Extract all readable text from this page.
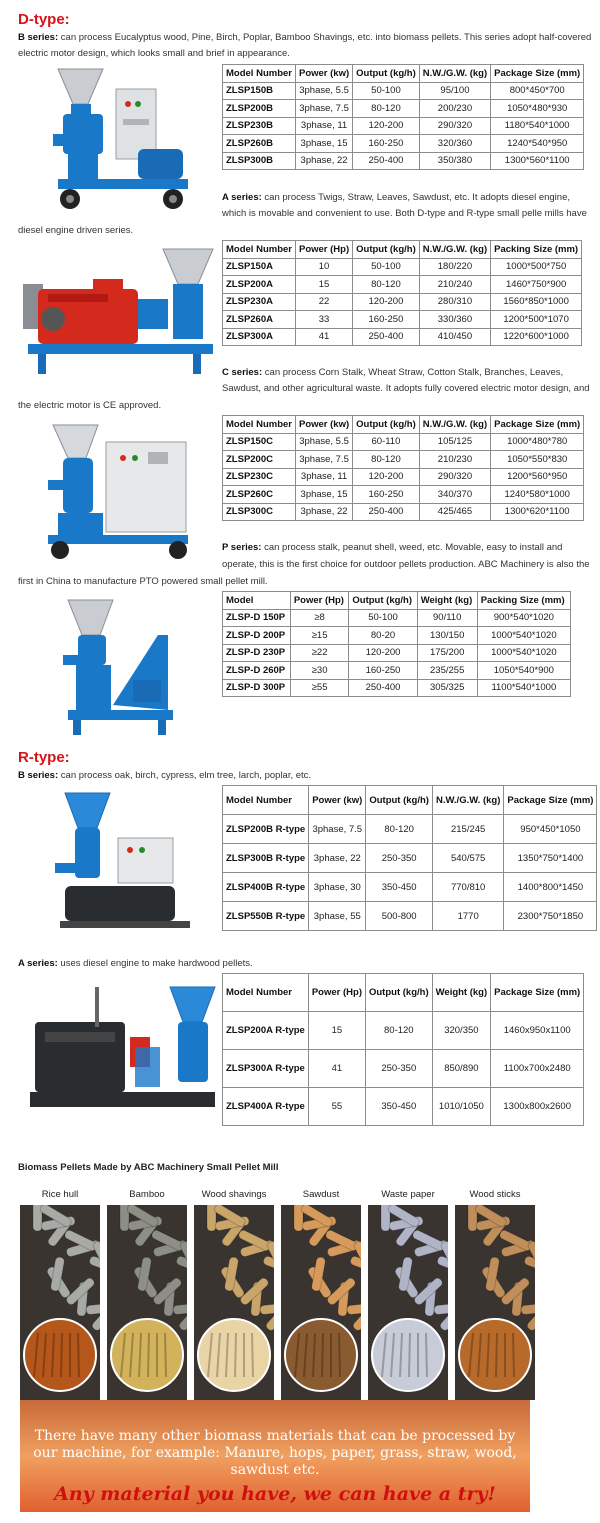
D-type:
B series: can process Eucalyptus wood, Pine, Birch, Poplar, Bamboo Shavings, etc. into biomass pellets. This series adopt half-covered electric motor design, which looks small and brief in appearance.
Model Number	Power (kw)	Output (kg/h)	N.W./G.W. (kg)	Package Size (mm)
ZLSP150B	3phase, 5.5	50-100	95/100	800*450*700
ZLSP200B	3phase, 7.5	80-120	200/230	1050*480*930
ZLSP230B	3phase, 11	120-200	290/320	1180*540*1000
ZLSP260B	3phase, 15	160-250	320/360	1240*540*950
ZLSP300B	3phase, 22	250-400	350/380	1300*560*1100
A series: can process Twigs, Straw, Leaves, Sawdust, etc. It adopts diesel engine,
which is movable and convenient to use. Both D-type and R-type small pelle mills have
diesel engine driven series.
Model Number	Power (Hp)	Output (kg/h)	N.W./G.W. (kg)	Packing Size (mm)
ZLSP150A	10	50-100	180/220	1000*500*750
ZLSP200A	15	80-120	210/240	1460*750*900
ZLSP230A	22	120-200	280/310	1560*850*1000
ZLSP260A	33	160-250	330/360	1200*500*1070
ZLSP300A	41	250-400	410/450	1220*600*1000
C series: can process Corn Stalk, Wheat Straw, Cotton Stalk, Branches, Leaves,
Sawdust, and other agricultural waste. It adopts fully covered electric motor design, and
the electric motor is CE approved.
Model Number	Power (kw)	Output (kg/h)	N.W./G.W. (kg)	Package Size (mm)
ZLSP150C	3phase, 5.5	60-110	105/125	1000*480*780
ZLSP200C	3phase, 7.5	80-120	210/230	1050*550*830
ZLSP230C	3phase, 11	120-200	290/320	1200*560*950
ZLSP260C	3phase, 15	160-250	340/370	1240*580*1000
ZLSP300C	3phase, 22	250-400	425/465	1300*620*1100
P series: can process stalk, peanut shell, weed, etc. Movable, easy to install and
operate, this is the first choice for outdoor pellets production. ABC Machinery is also the
first in China to manufacture PTO powered small pellet mill.
Model	Power (Hp)	Output (kg/h)	Weight (kg)	Packing Size (mm)
ZLSP-D 150P	≥8	50-100	90/110	900*540*1020
ZLSP-D 200P	≥15	80-20	130/150	1000*540*1020
ZLSP-D 230P	≥22	120-200	175/200	1000*540*1020
ZLSP-D 260P	≥30	160-250	235/255	1050*540*900
ZLSP-D 300P	≥55	250-400	305/325	1100*540*1000
R-type:
B series: can process oak, birch, cypress, elm tree, larch, poplar, etc.
Model Number	Power (kw)	Output (kg/h)	N.W./G.W. (kg)	Package Size (mm)
ZLSP200B R-type	3phase, 7.5	80-120	215/245	950*450*1050
ZLSP300B R-type	3phase, 22	250-350	540/575	1350*750*1400
ZLSP400B R-type	3phase, 30	350-450	770/810	1400*800*1450
ZLSP550B R-type	3phase, 55	500-800	1770	2300*750*1850
A series: uses diesel engine to make hardwood pellets.
Model Number	Power (Hp)	Output (kg/h)	Weight (kg)	Package Size (mm)
ZLSP200A R-type	15	80-120	320/350	1460x950x1100
ZLSP300A R-type	41	250-350	850/890	1100x700x2480
ZLSP400A R-type	55	350-450	1010/1050	1300x800x2600
Biomass Pellets Made by ABC Machinery Small Pellet Mill
Rice hull	Bamboo	Wood shavings	Sawdust	Waste paper	Wood sticks
There have many other biomass materials that can be processed by
our machine, for example: Manure, hops, paper, grass, straw, wood,
sawdust etc.
Any material you have, we can have a try!
